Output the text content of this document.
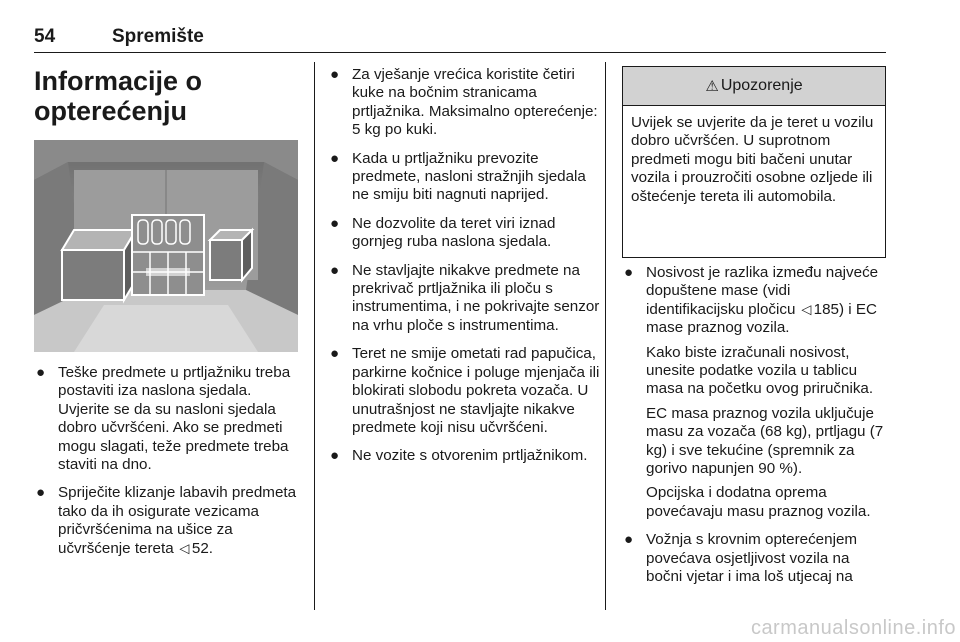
54	Spremište
Informacije o opterećenju
● Teške predmete u prtljažniku treba postaviti iza naslona sjedala. Uvjerite se da su nasloni sjedala dobro učvršćeni. Ako se predmeti mogu slagati, teže predmete treba staviti na dno.
● Spriječite klizanje labavih predmeta tako da ih osigurate vezicama pričvršćenima na ušice za učvršćenje tereta ▽52.
● Za vješanje vrećica koristite četiri kuke na bočnim stranicama prtljažnika. Maksimalno opterećenje: 5 kg po kuki.
● Kada u prtljažniku prevozite predmete, nasloni stražnjih sjedala ne smiju biti nagnuti naprijed.
● Ne dozvolite da teret viri iznad gornjeg ruba naslona sjedala.
● Ne stavljajte nikakve predmete na prekrivač prtljažnika ili ploču s instrumentima, i ne pokrivajte senzor na vrhu ploče s instrumentima.
● Teret ne smije ometati rad papučica, parkirne kočnice i poluge mjenjača ili blokirati slobodu pokreta vozača. U unutrašnjost ne stavljajte nikakve predmete koji nisu učvršćeni.
● Ne vozite s otvorenim prtljažnikom.
⚠ Upozorenje
Uvijek se uvjerite da je teret u vozilu dobro učvršćen. U suprotnom predmeti mogu biti bačeni unutar vozila i prouzročiti osobne ozljede ili oštećenje tereta ili automobila.
● Nosivost je razlika između najveće dopuštene mase (vidi identifikacijsku pločicu ▽185) i EC mase praznog vozila.

Kako biste izračunali nosivost, unesite podatke vozila u tablicu masa na početku ovog priručnika.

EC masa praznog vozila uključuje masu za vozača (68 kg), prtljagu (7 kg) i sve tekućine (spremnik za gorivo napunjen 90 %).

Opcijska i dodatna oprema povećavaju masu praznog vozila.

● Vožnja s krovnim opterećenjem povećava osjetljivost vozila na bočni vjetar i ima loš utjecaj na
carmanualsonline.info
